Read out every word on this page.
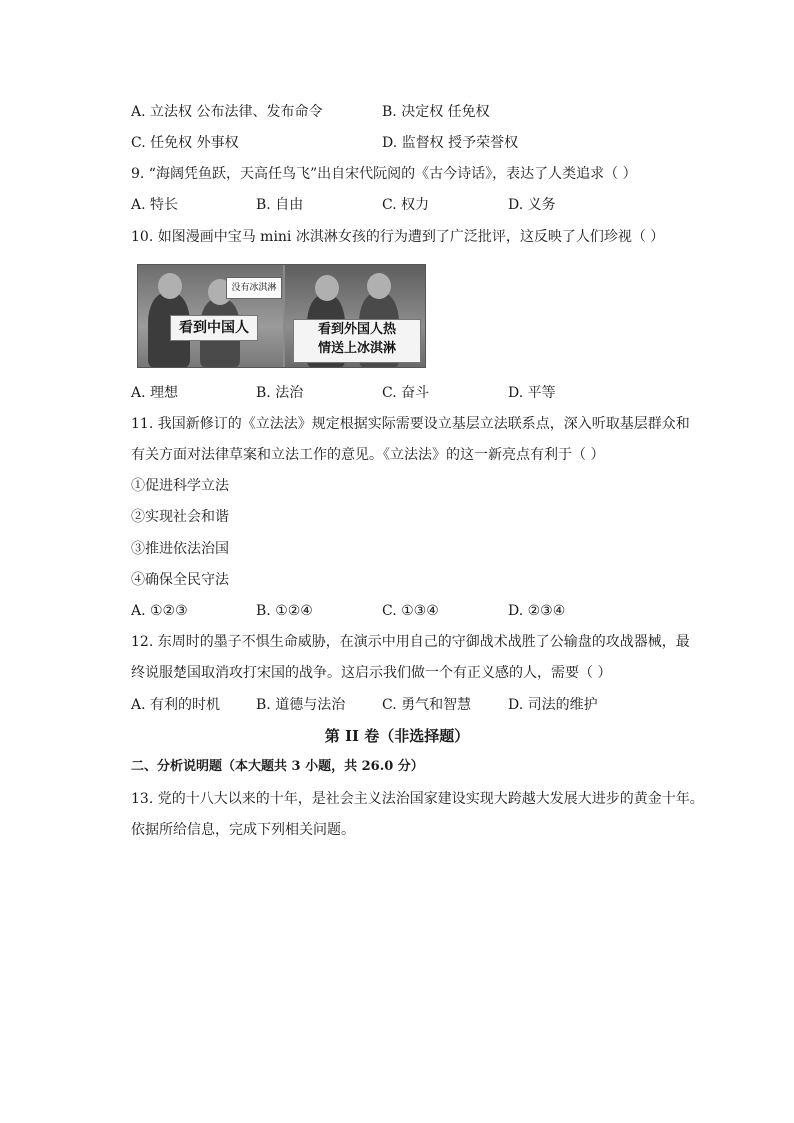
A. 立法权 公布法律、发布命令	B. 决定权 任免权
C. 任免权 外事权	D. 监督权 授予荣誉权
9. “海阔凭鱼跃，天高任鸟飞”出自宋代阮阅的《古今诗话》，表达了人类追求（ ）
A. 特长	B. 自由	C. 权力	D. 义务
10. 如图漫画中宝马 mini 冰淇淋女孩的行为遭到了广泛批评，这反映了人们珍视（ ）
没有冰淇淋
看到中国人	看到外国人热
情送上冰淇淋
A. 理想	B. 法治	C. 奋斗	D. 平等
11. 我国新修订的《立法法》规定根据实际需要设立基层立法联系点，深入听取基层群众和
有关方面对法律草案和立法工作的意见。《立法法》的这一新亮点有利于（ ）
①促进科学立法
②实现社会和谐
③推进依法治国
④确保全民守法
A. ①②③	B. ①②④	C. ①③④	D. ②③④
12. 东周时的墨子不惧生命威胁，在演示中用自己的守御战术战胜了公输盘的攻战器械，最
终说服楚国取消攻打宋国的战争。这启示我们做一个有正义感的人，需要（ ）
A. 有利的时机	B. 道德与法治	C. 勇气和智慧	D. 司法的维护
第 II 卷（非选择题）
二、分析说明题（本大题共 3 小题，共 26.0 分）
13. 党的十八大以来的十年，是社会主义法治国家建设实现大跨越大发展大进步的黄金十年。
依据所给信息，完成下列相关问题。
